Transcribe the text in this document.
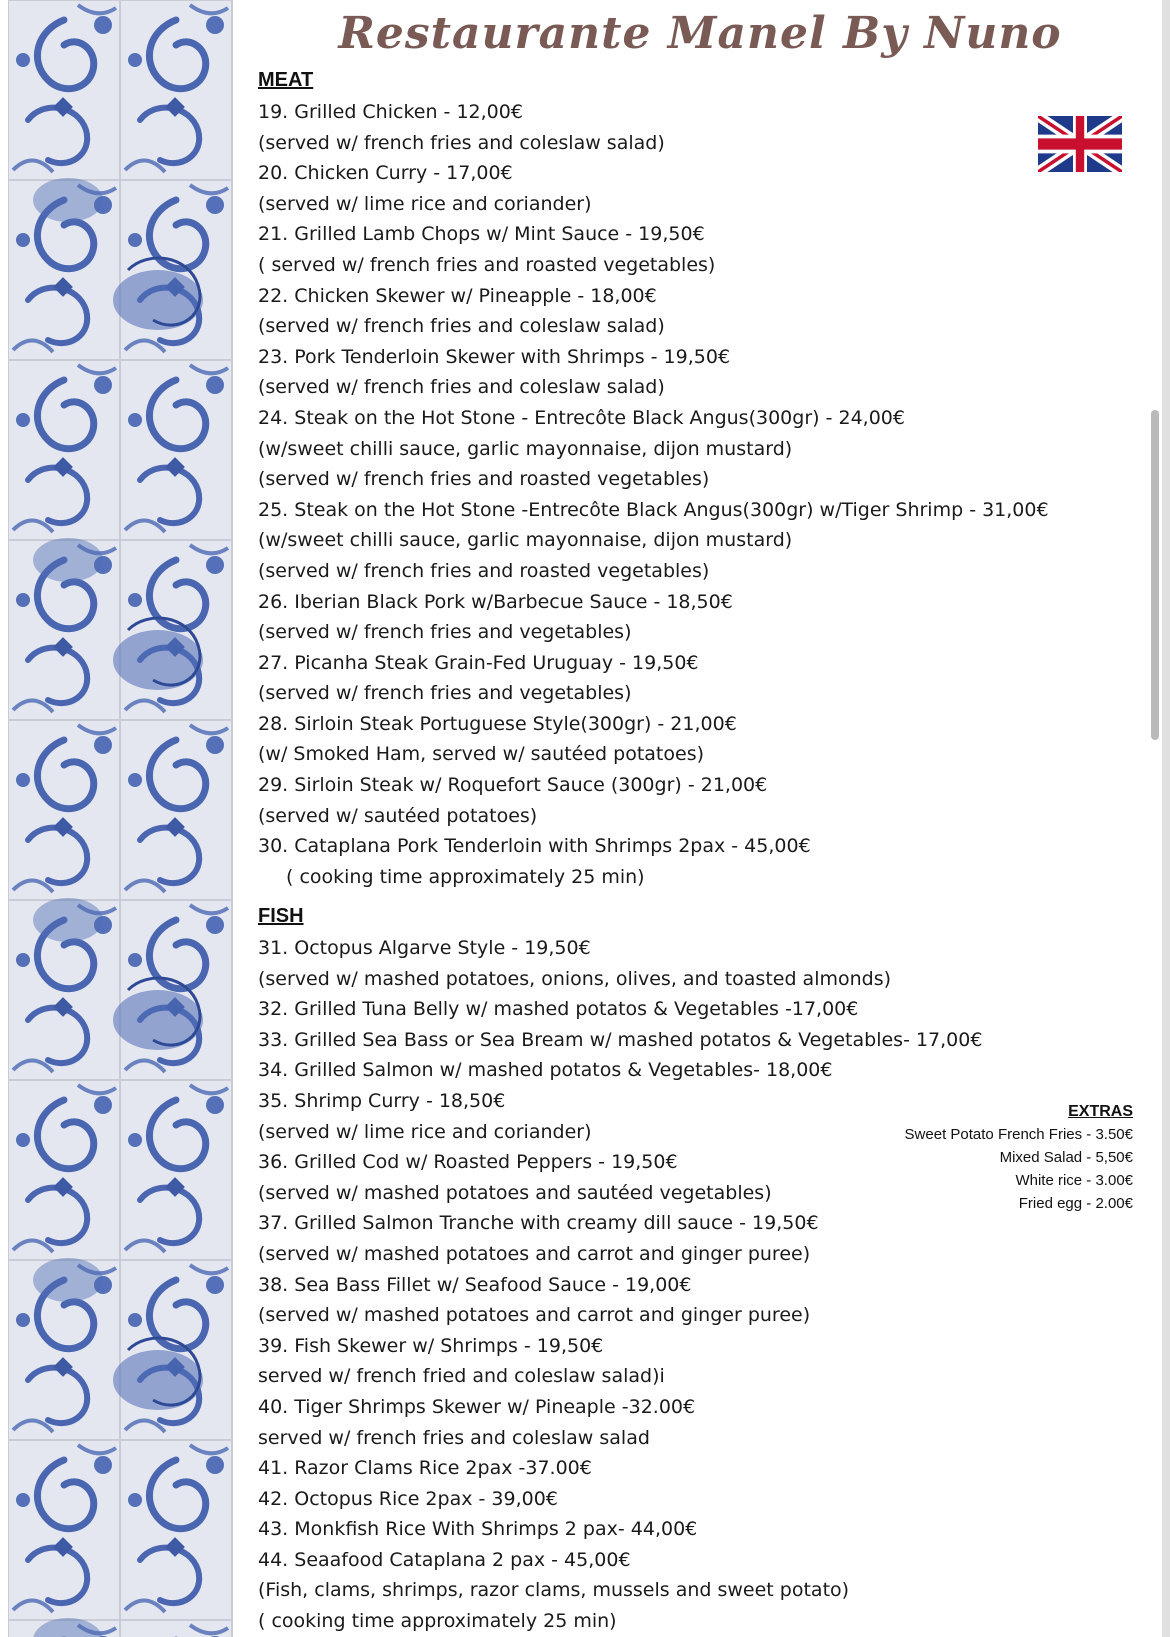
Restaurante Manel By Nuno
MEAT
19. Grilled Chicken - 12,00€
(served w/ french fries and coleslaw salad)
20. Chicken Curry - 17,00€
(served w/ lime rice and coriander)
21. Grilled Lamb Chops w/ Mint Sauce - 19,50€
( served w/ french fries and roasted vegetables)
22. Chicken Skewer w/ Pineapple - 18,00€
(served w/ french fries and coleslaw salad)
23. Pork Tenderloin Skewer with Shrimps - 19,50€
(served w/ french fries and coleslaw salad)
24. Steak on the Hot Stone - Entrecôte Black Angus(300gr) - 24,00€
(w/sweet chilli sauce, garlic mayonnaise, dijon mustard)
(served w/ french fries and roasted vegetables)
25. Steak on the Hot Stone -Entrecôte Black Angus(300gr) w/Tiger Shrimp - 31,00€
(w/sweet chilli sauce, garlic mayonnaise, dijon mustard)
(served w/ french fries and roasted vegetables)
26. Iberian Black Pork w/Barbecue Sauce - 18,50€
(served w/ french fries and vegetables)
27. Picanha Steak Grain-Fed Uruguay - 19,50€
(served w/ french fries and vegetables)
28. Sirloin Steak Portuguese Style(300gr) - 21,00€
(w/ Smoked Ham, served w/ sautéed potatoes)
29. Sirloin Steak w/ Roquefort Sauce (300gr) - 21,00€
(served w/ sautéed potatoes)
30. Cataplana Pork Tenderloin with Shrimps 2pax - 45,00€
( cooking time approximately 25 min)
FISH
31. Octopus Algarve Style - 19,50€
(served w/ mashed potatoes, onions, olives, and toasted almonds)
32. Grilled Tuna Belly w/ mashed potatos & Vegetables -17,00€
33. Grilled Sea Bass or Sea Bream w/ mashed potatos & Vegetables- 17,00€
34. Grilled Salmon w/ mashed potatos & Vegetables- 18,00€
35. Shrimp Curry - 18,50€
(served w/ lime rice and coriander)
36. Grilled Cod w/ Roasted Peppers - 19,50€
(served w/ mashed potatoes and sautéed vegetables)
37. Grilled Salmon Tranche with creamy dill sauce - 19,50€
(served w/ mashed potatoes and carrot and ginger puree)
38. Sea Bass Fillet w/ Seafood Sauce - 19,00€
(served w/ mashed potatoes and carrot and ginger puree)
39. Fish Skewer w/ Shrimps - 19,50€
served w/ french fried and coleslaw salad)i
40. Tiger Shrimps Skewer w/ Pineaple -32.00€
served w/ french fries and coleslaw salad
41. Razor Clams Rice 2pax -37.00€
42. Octopus Rice 2pax - 39,00€
43. Monkfish Rice With Shrimps 2 pax- 44,00€
44. Seaafood Cataplana 2 pax - 45,00€
(Fish, clams, shrimps, razor clams, mussels and sweet potato)
( cooking time approximately 25 min)
EXTRAS
Sweet Potato French Fries - 3.50€
Mixed Salad - 5,50€
White rice - 3.00€
Fried egg - 2.00€
